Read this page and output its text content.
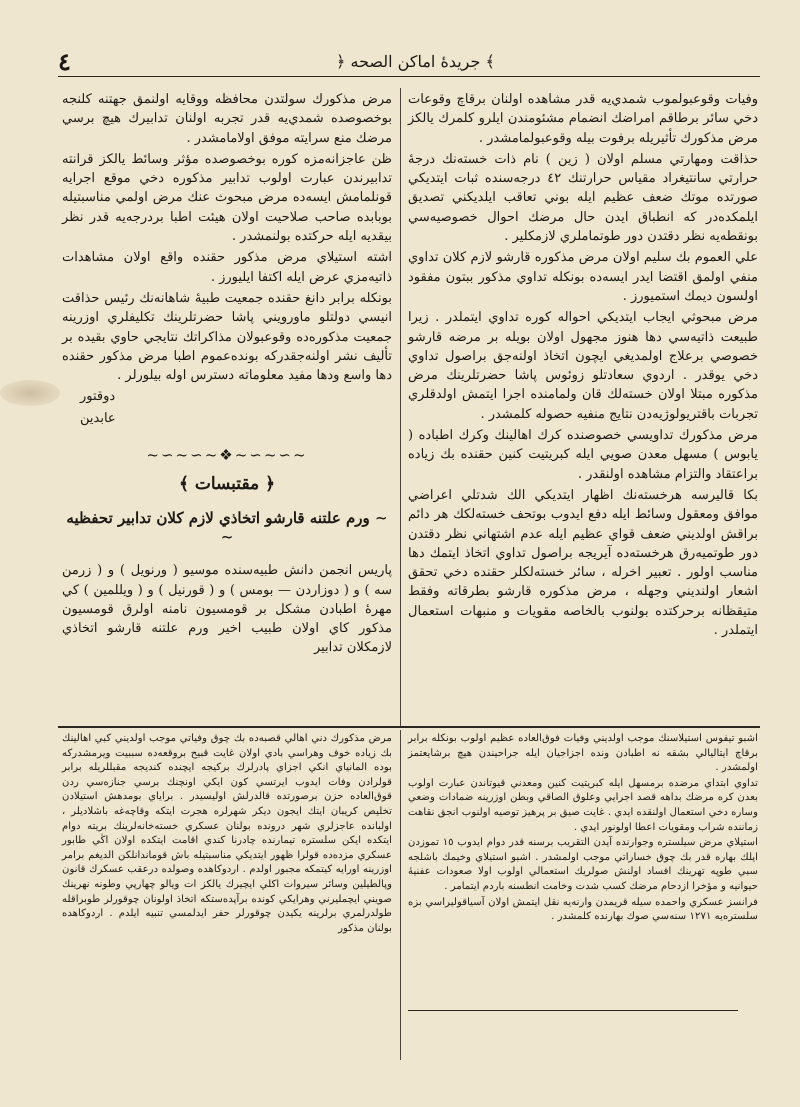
٤	﴿ جريدهٔ اماكن الصحه ﴾

وفيات وقوعبولموب شمدي‌يه قدر مشاهده اولنان برقاچ وقوعات دخي سائر برطاقم امراضك انضمام مشئومندن ايلرو كلمرك يالكز مرض مذكورك تأثيريله برفوت بيله وقوعبولمامشدر .

حذاقت ومهارتي مسلم اولان ( زين ) نام ذات خسته‌نك درجهٔ حرارتي سانتيغراد مقياس حرارتنك ٤٢ درجه‌سنده ثبات ايتديكي صورتده موتك ضعف عظيم ايله بوني تعاقب ايلديكني تصديق ايلمكده‌در كه انطباق ايدن حال مرضك احوال خصوصيه‌سي بونقطه‌يه نظر دقتدن دور طوتماملري لازمكلير .

علي العموم بك سليم اولان مرض مذكوره قارشو لازم كلان تداوي منفي اولمق اقتضا ايدر ايسه‌ده بونكله تداوي مذكور ببتون مفقود اولسون ديمك استميورز .

مرض مبحوثي ايجاب ايتديكي احواله كوره تداوي ايتملدر . زيرا طبيعت ذاتيه‌سي دها هنوز مجهول اولان بويله بر مرضه قارشو خصوصي برعلاج اولمديغي ايچون اتخاذ اولنه‌جق براصول تداوي دخي يوقدر . اردوي سعادتلو زوئوس پاشا حضرتلرينك مرض مذكوره مبتلا اولان خسته‌لك قان ولمامنده اجرا ايتمش اولدقلري تجربات باقتريولوژيه‌دن نتايج منفيه حصوله كلمشدر .

مرض مذكورك تداويسي خصوصنده كرك اهالينك وكرك اطباده ( يابوس ) مسهل معدن صويي ايله كبريتيت كنين حقنده بك زياده براعتقاد والتزام مشاهده اولنقدر .

بكا قاليرسه هرخسته‌نك اظهار ايتديكي الك شدتلي اعراضي موافق ومعقول وسائط ايله دفع ايدوب بوتحف خسته‌لكك هر دائم براقش اولديني ضعف قواي عظيم ايله عدم اشتهاني نظر دقتدن دور طوتميه‌رق هرخسته‌ده آيريجه براصول تداوي اتخاذ ايتمك دها مناسب اولور . تعبير اخرله ، سائر خسته‌لكلر حقنده دخي تحقق اشعار اولنديني وجهله ، مرض مذكوره قارشو بطرقاته وفقط متيقظانه برحركتده بولنوب بالخاصه مقويات و منبهات استعمال ايتملدر .

مرض مذكورك سولتدن محافظه ووقايه اولنمق جهتنه كلنجه بوخصوصده شمدي‌يه قدر تجربه اولنان تدابيرك هيچ برسي مرضك منع سرايته موفق اولامامشدر .

ظن عاجزانه‌مزه كوره بوخصوصده مؤثر وسائط يالكز قرانته تدابيرندن عبارت اولوب تدابير مذكوره دخي موقع اجرايه قونلمامش ايسه‌ده مرض مبحوث عنك مرض اولمي مناسبتيله بوبابده صاحب صلاحيت اولان هيئت اطبا بردرجه‌يه قدر نظر بيقديه ايله حركتده بولنمشدر .

اشته استيلاي مرض مذكور حقنده واقع اولان مشاهدات ذاتيه‌مزي عرض ايله اكتفا ايليورز .

بونكله برابر دانغ حقنده جمعيت طبيهٔ شاهانه‌نك رئيس حذاقت انيسي دولتلو ماورويني پاشا حضرتلرينك تكليفلري اوزرينه جمعيت مذكوره‌ده وقوعبولان مذاكراتك نتايجي حاوي بقيده بر تأليف نشر اولنه‌جقدركه بونده‌عموم اطبا مرض مذكور حقنده دها واسع ودها مفيد معلوماته دسترس اوله بيلورلر .

دوقتور
عابدين
~∽~∽~❖~∽~∽~
﴿ مقتبسات ﴾
∽ ورم علتنه قارشو اتخاذي لازم كلان تدابير تحفظيه ∽

پاريس انجمن دانش طبيه‌سنده موسيو ( ورنويل ) و ( زرمن سه ) و ( دوزاردن — بومس ) و ( قورنيل ) و ( ويللمين ) كي مهرهٔ اطبادن مشكل بر قومسيون نامنه اولرق قومسيون مذكور كاي اولان طبيب اخير ورم علتنه قارشو اتخاذي لازمكلان تدابير

اشبو تيفوس استيلاسنك موجب اولديني وفيات فوق‌العاده عظيم اولوب بونكله برابر برقاچ ايتاليالي بشقه نه اطبادن ونده اجزاجيان ايله جراحيندن هيچ برشايعتمز اولمشدر .

تداوي ابتداي مرضده برمسهل ايله كبريتيت كنين ومعدني قيوتاندن عبارت اولوب بعدن كره مرضك بداهه قصد اجرايي وعلوق الصاقي وبطن اوزرينه ضمادات وضعي وساره دخي استعمال اولنقده ايدي . غايت صيق بر پرهيز توصيه اولنوب انجق نقاهت زماننده شراب ومقويات اعطا اولونور ايدي .

استيلاي مرض سيلستره وجوارنده آيدن التقريب برسنه قدر دوام ايدوب ١٥ تموزدن ايلك بهاره قدر بك چوق خساراتي موجب اولمشدر . اشبو استيلاي وخيمك باشلجه سبي طوپه تهرينك افساد اولنش صولريك استعمالي اولوب اولا صعودات عفنيهٔ حيوانيه و مؤخرا ازدحام مرضك كسب شدت وخامت انطسنه باردم ايتمامر .

فرانسز عسكري واحمده سيله قريمدن وارنه‌يه نقل ايتمش اولان آسياقوليراسي بزه سلستره‌يه ١٢٧١ سنه‌سي صوك بهارنده كلمشدر .

مرض مذكورك دني اهالي قصبه‌ده بك چوق وفياتي موجب اولديني كبي اهالينك بك زياده خوف وهراسي بادي اولان غايت قبيح بروقعه‌ده سببيت ويرمشدركه بوده المانياي انكي اجزاي پادرلرك بركيجه ايچنده كنديجه‌ مقبللريله برابر قولرادن وفات ايدوب ايرتسي كون ايكي اونچنك برسي جنازه‌سي ردن قوق‌العاده حزن برصورتده قالدرلش اوليسيدر . براياي بومدهش استيلادن تخليص كريبان ايتك ايجون ديكر شهرلره هجرت ايتكه وقاچه‌غه باشلاديلر ، اولبانده عاجزلري شهر درونده بولنان عسكري خسته‌خانه‌لرينك بريته دوام ايتكده ايكن سلستره تيمارنده چادرنا كندي اقامت ايتكده اولان اڭي طابور عسكري مزده‌ده قولرا ظهور ايتديكي مناسبتيله باش قوماندانلكن الديغم برامر اوزرينه اورايه كيتمكه مجبور اولدم . اردوكاهده وصولده درعقب عسكرك قانون وپالطيلين وسائر سيروات اكلي ايچيرك يالكز ات ويالو چهارپي وطونه نهرينك صويني ايچمليرني وهرايكي كونده برآپده‌ستكه اتخاذ اولونان چوقورلر طوبراقله ‌طولدرلمري برلرينه يكيدن چوقورلر حفر ايدلمسي تنبيه ايلدم . اردوكاهده بولنان مذكور
